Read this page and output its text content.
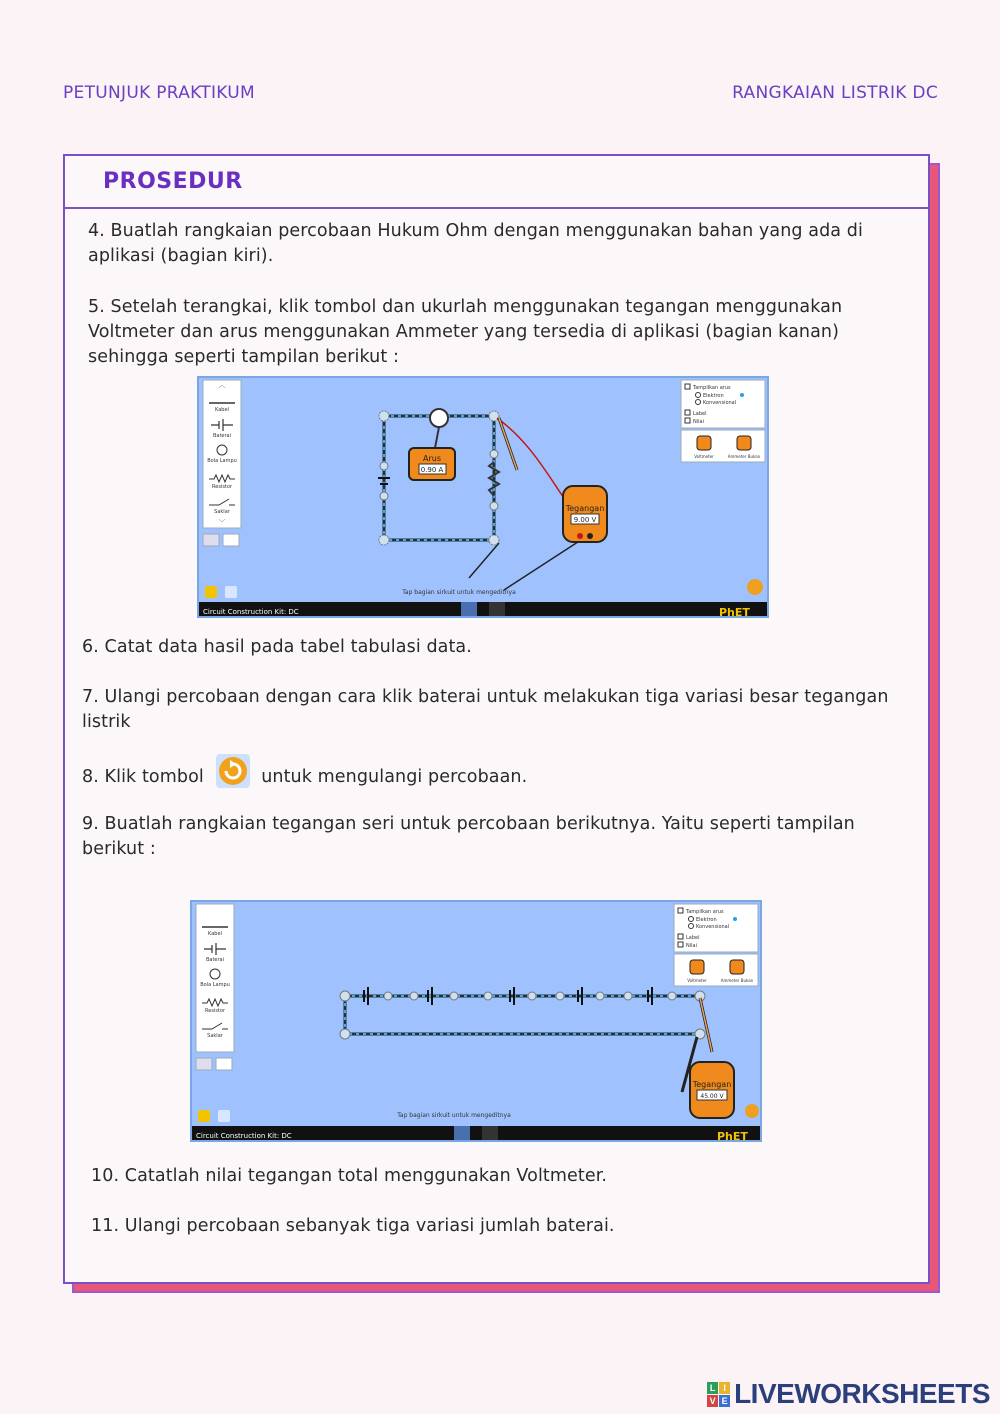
PETUNJUK PRAKTIKUM	RANGKAIAN LISTRIK DC
PROSEDUR
4. Buatlah rangkaian percobaan Hukum Ohm dengan menggunakan bahan yang ada di aplikasi (bagian kiri).
5. Setelah terangkai, klik tombol dan ukurlah menggunakan tegangan menggunakan Voltmeter dan arus menggunakan Ammeter yang tersedia di aplikasi (bagian kanan) sehingga seperti tampilan berikut :
︿
Kabel
Baterai
Bola Lampu
Resistor
Saklar
﹀
Arus
0.90 A
Tegangan
9.00 V
Tampilkan arus
Elektron
Konvensional
Label
Nilai
Voltmeter	Ammeter Bukan
Tap bagian sirkuit untuk mengeditnya
Circuit Construction Kit: DC	PhET
6. Catat data hasil pada tabel tabulasi data.
7. Ulangi percobaan dengan cara klik baterai untuk melakukan tiga variasi besar tegangan listrik
8. Klik tombol	untuk mengulangi percobaan.
9. Buatlah rangkaian tegangan seri untuk percobaan berikutnya. Yaitu seperti tampilan berikut :
Kabel
Baterai
Bola Lampu
Resistor
Saklar
Tegangan
45.00 V
Tampilkan arus
Elektron
Konvensional
Label
Nilai
Voltmeter	Ammeter Bukan
Tap bagian sirkuit untuk mengeditnya
Circuit Construction Kit: DC	PhET
10. Catatlah nilai tegangan total menggunakan Voltmeter.
11. Ulangi percobaan sebanyak tiga variasi jumlah baterai.
L I
V E LIVEWORKSHEETS
